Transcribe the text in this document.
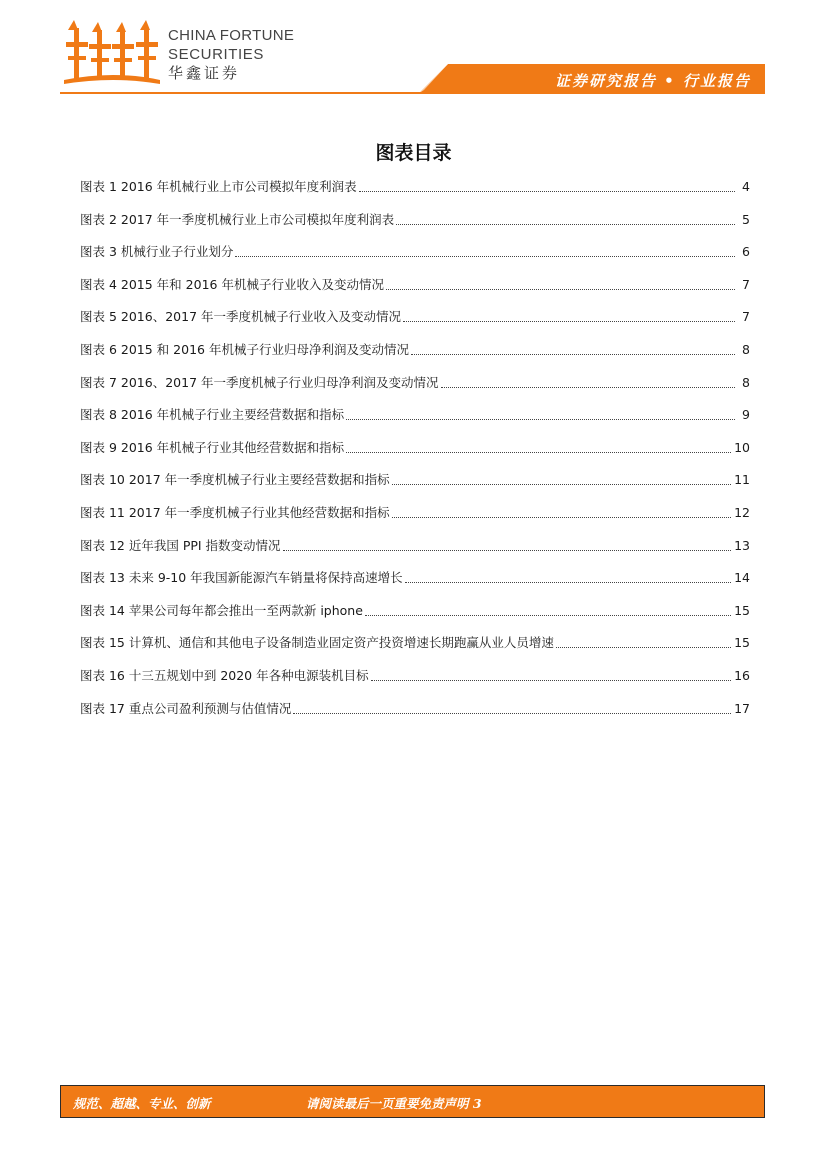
CHINA FORTUNE
SECURITIES
华鑫证券	证券研究报告 • 行业报告
图表目录
图表 1 2016 年机械行业上市公司模拟年度利润表	4
图表 2 2017 年一季度机械行业上市公司模拟年度利润表	5
图表 3 机械行业子行业划分	6
图表 4 2015 年和 2016 年机械子行业收入及变动情况	7
图表 5 2016、2017 年一季度机械子行业收入及变动情况	7
图表 6 2015 和 2016 年机械子行业归母净利润及变动情况	8
图表 7 2016、2017 年一季度机械子行业归母净利润及变动情况	8
图表 8 2016 年机械子行业主要经营数据和指标	9
图表 9 2016 年机械子行业其他经营数据和指标	10
图表 10 2017 年一季度机械子行业主要经营数据和指标	11
图表 11 2017 年一季度机械子行业其他经营数据和指标	12
图表 12 近年我国 PPI 指数变动情况	13
图表 13 未来 9-10 年我国新能源汽车销量将保持高速增长	14
图表 14 苹果公司每年都会推出一至两款新 iphone	15
图表 15 计算机、通信和其他电子设备制造业固定资产投资增速长期跑赢从业人员增速	15
图表 16 十三五规划中到 2020 年各种电源装机目标	16
图表 17 重点公司盈利预测与估值情况	17
规范、超越、专业、创新	请阅读最后一页重要免责声明 3
